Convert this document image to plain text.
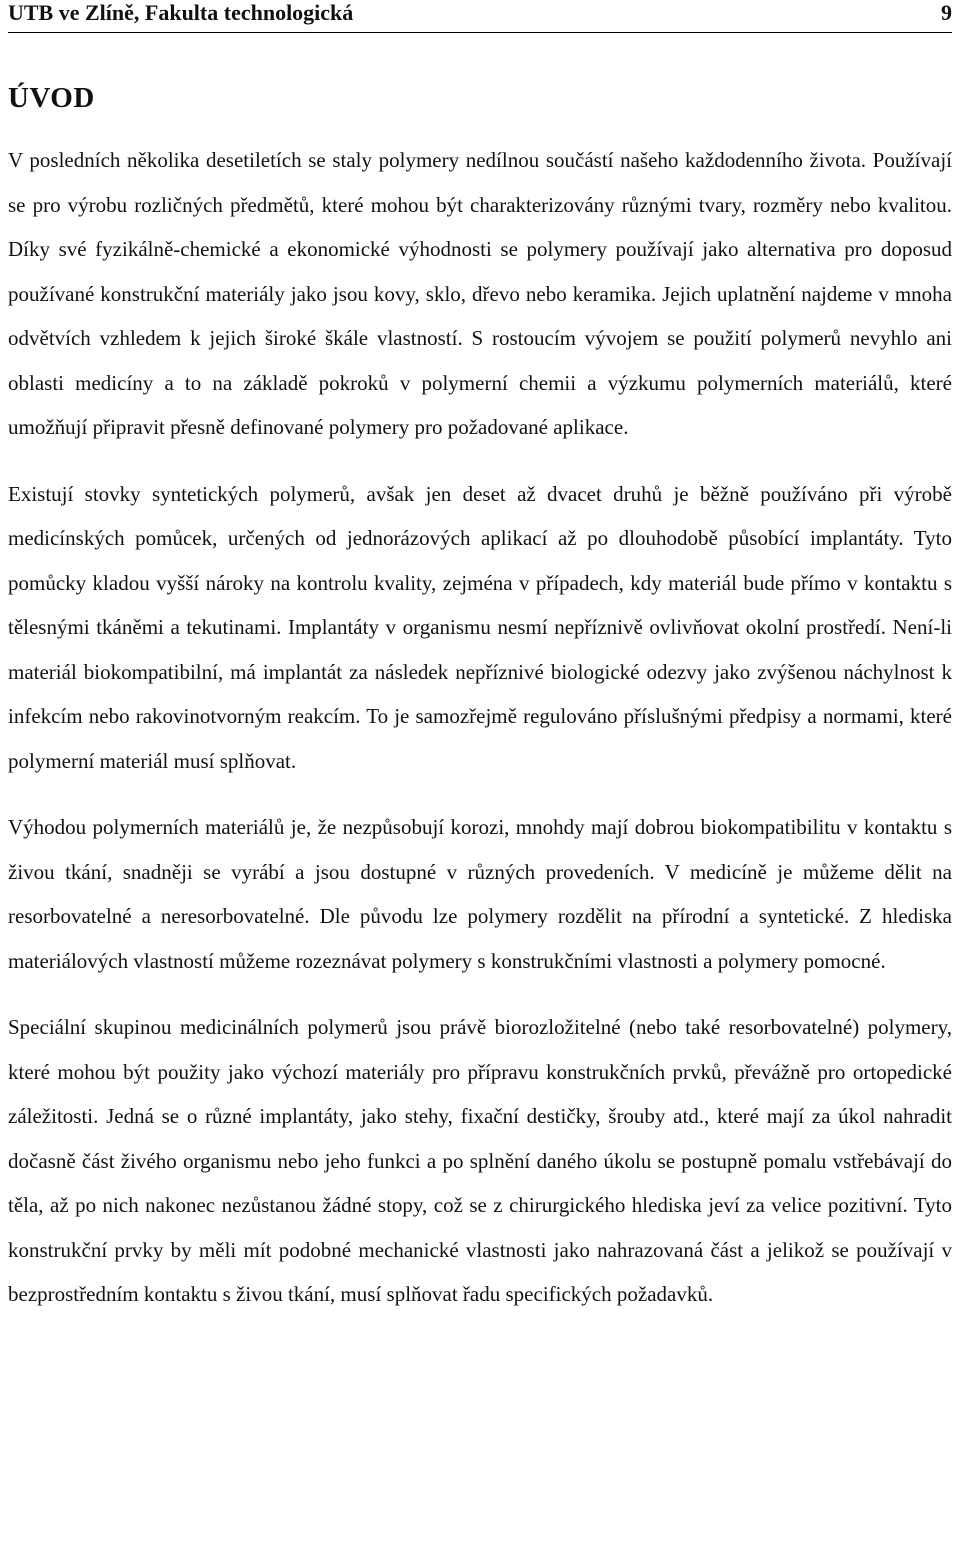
UTB ve Zlíně, Fakulta technologická	9
ÚVOD

V posledních několika desetiletích se staly polymery nedílnou součástí našeho každodenního života. Používají se pro výrobu rozličných předmětů, které mohou být charakterizovány různými tvary, rozměry nebo kvalitou. Díky své fyzikálně-chemické a ekonomické výhodnosti se polymery používají jako alternativa pro doposud používané konstrukční materiály jako jsou kovy, sklo, dřevo nebo keramika. Jejich uplatnění najdeme v mnoha odvětvích vzhledem k jejich široké škále vlastností. S rostoucím vývojem se použití polymerů nevyhlo ani oblasti medicíny a to na základě pokroků v polymerní chemii a výzkumu polymerních materiálů, které umožňují připravit přesně definované polymery pro požadované aplikace.

Existují stovky syntetických polymerů, avšak jen deset až dvacet druhů je běžně používáno při výrobě medicínských pomůcek, určených od jednorázových aplikací až po dlouhodobě působící implantáty. Tyto pomůcky kladou vyšší nároky na kontrolu kvality, zejména v případech, kdy materiál bude přímo v kontaktu s tělesnými tkáněmi a tekutinami. Implantáty v organismu nesmí nepříznivě ovlivňovat okolní prostředí. Není-li materiál biokompatibilní, má implantát za následek nepříznivé biologické odezvy jako zvýšenou náchylnost k infekcím nebo rakovinotvorným reakcím. To je samozřejmě regulováno příslušnými předpisy a normami, které polymerní materiál musí splňovat.

Výhodou polymerních materiálů je, že nezpůsobují korozi, mnohdy mají dobrou biokompatibilitu v kontaktu s živou tkání, snadněji se vyrábí a jsou dostupné v různých provedeních. V medicíně je můžeme dělit na resorbovatelné a neresorbovatelné. Dle původu lze polymery rozdělit na přírodní a syntetické. Z hlediska materiálových vlastností můžeme rozeznávat polymery s konstrukčními vlastnosti a polymery pomocné.

Speciální skupinou medicinálních polymerů jsou právě biorozložitelné (nebo také resorbovatelné) polymery, které mohou být použity jako výchozí materiály pro přípravu konstrukčních prvků, převážně pro ortopedické záležitosti. Jedná se o různé implantáty, jako stehy, fixační destičky, šrouby atd., které mají za úkol nahradit dočasně část živého organismu nebo jeho funkci a po splnění daného úkolu se postupně pomalu vstřebávají do těla, až po nich nakonec nezůstanou žádné stopy, což se z chirurgického hlediska jeví za velice pozitivní. Tyto konstrukční prvky by měli mít podobné mechanické vlastnosti jako nahrazovaná část a jelikož se používají v bezprostředním kontaktu s živou tkání, musí splňovat řadu specifických požadavků.
